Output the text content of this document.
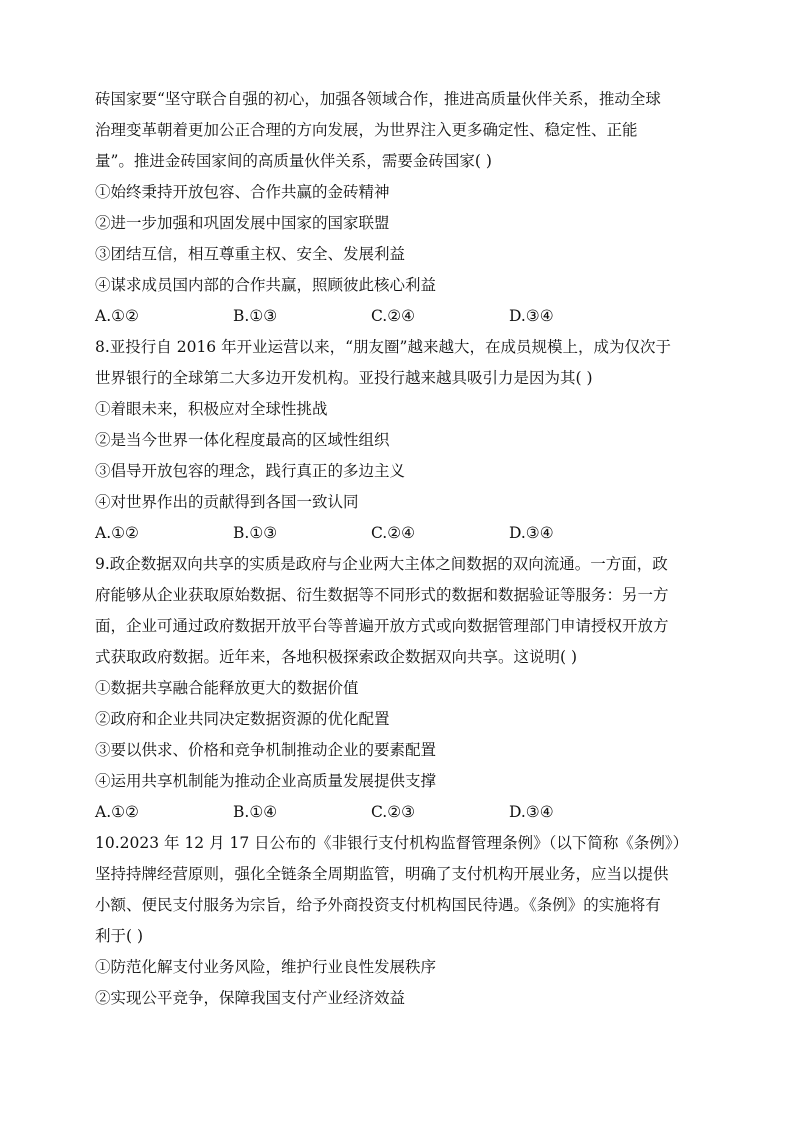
砖国家要“坚守联合自强的初心，加强各领域合作，推进高质量伙伴关系，推动全球
治理变革朝着更加公正合理的方向发展，为世界注入更多确定性、稳定性、正能
量”。推进金砖国家间的高质量伙伴关系，需要金砖国家( )
①始终秉持开放包容、合作共赢的金砖精神
②进一步加强和巩固发展中国家的国家联盟
③团结互信，相互尊重主权、安全、发展利益
④谋求成员国内部的合作共赢，照顾彼此核心利益
A.①②	B.①③	C.②④	D.③④
8.亚投行自 2016 年开业运营以来，“朋友圈”越来越大，在成员规模上，成为仅次于
世界银行的全球第二大多边开发机构。亚投行越来越具吸引力是因为其( )
①着眼未来，积极应对全球性挑战
②是当今世界一体化程度最高的区域性组织
③倡导开放包容的理念，践行真正的多边主义
④对世界作出的贡献得到各国一致认同
A.①②	B.①③	C.②④	D.③④
9.政企数据双向共享的实质是政府与企业两大主体之间数据的双向流通。一方面，政
府能够从企业获取原始数据、衍生数据等不同形式的数据和数据验证等服务：另一方
面，企业可通过政府数据开放平台等普遍开放方式或向数据管理部门申请授权开放方
式获取政府数据。近年来，各地积极探索政企数据双向共享。这说明( )
①数据共享融合能释放更大的数据价值
②政府和企业共同决定数据资源的优化配置
③要以供求、价格和竞争机制推动企业的要素配置
④运用共享机制能为推动企业高质量发展提供支撑
A.①②	B.①④	C.②③	D.③④
10.2023 年 12 月 17 日公布的《非银行支付机构监督管理条例》（以下简称《条例》）
坚持持牌经营原则，强化全链条全周期监管，明确了支付机构开展业务，应当以提供
小额、便民支付服务为宗旨，给予外商投资支付机构国民待遇。《条例》的实施将有
利于( )
①防范化解支付业务风险，维护行业良性发展秩序
②实现公平竞争，保障我国支付产业经济效益
